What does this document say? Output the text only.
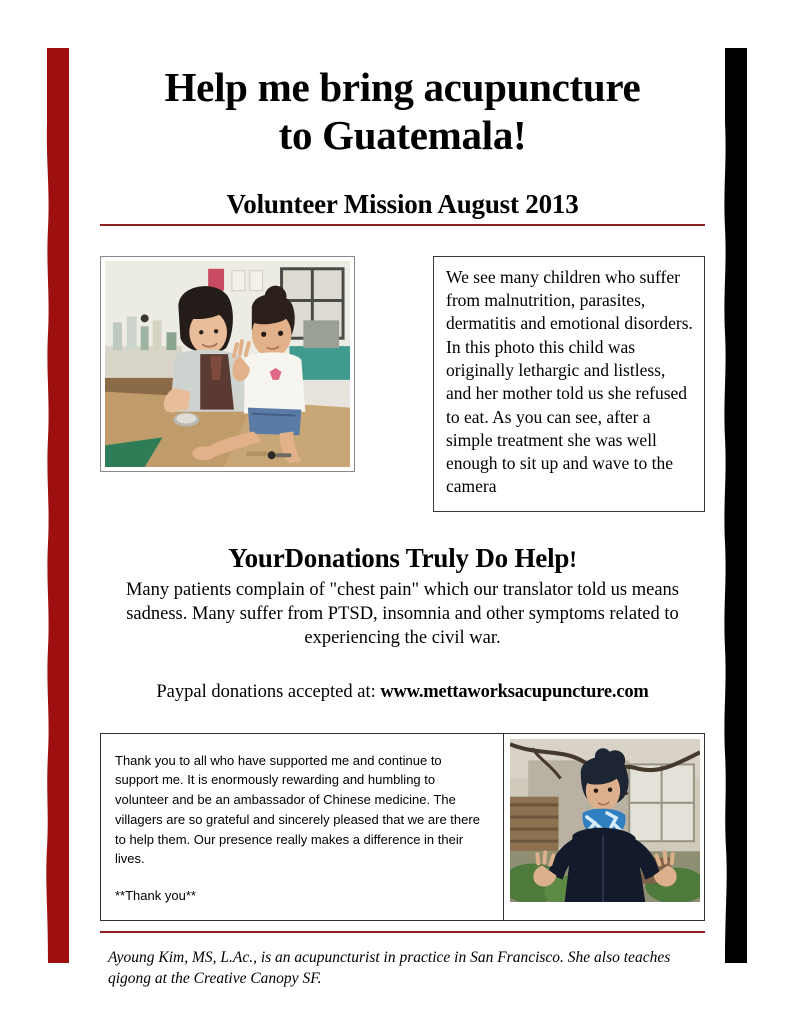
Help me bring acupuncture
to Guatemala!
Volunteer Mission August 2013
We see many children who suffer from malnutrition, parasites, dermatitis and emotional disorders. In this photo this child was originally lethargic and listless, and her mother told us she refused to eat. As you can see, after a simple treatment she was well enough to sit up and wave to the camera
YourDonations Truly Do Help!

Many patients complain of "chest pain" which our translator told us means sadness. Many suffer from PTSD, insomnia and other symptoms related to experiencing the civil war.

Paypal donations accepted at: www.mettaworksacupuncture.com

Thank you to all who have supported me and continue to support me. It is enormously rewarding and humbling to volunteer and be an ambassador of Chinese medicine. The villagers are so grateful and sincerely pleased that we are there to help them. Our presence really makes a difference in their lives.

**Thank you**

Ayoung Kim, MS, L.Ac., is an acupuncturist in practice in San Francisco. She also teaches qigong at the Creative Canopy SF.
